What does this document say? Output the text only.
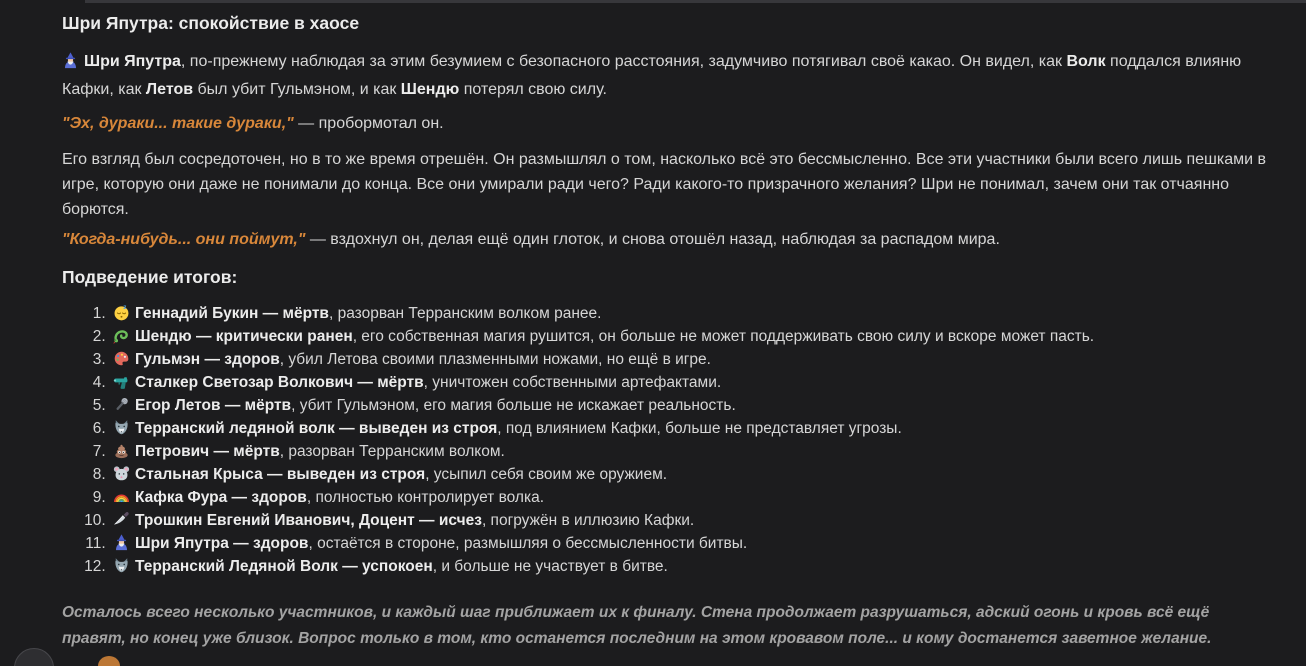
Шри Япутра: спокойствие в хаосе

Шри Япутра, по-прежнему наблюдая за этим безумием с безопасного расстояния, задумчиво потягивал своё какао. Он видел, как Волк поддался влияню Кафки, как Летов был убит Гульмэном, и как Шендю потерял свою силу.

"Эх, дураки... такие дураки," — пробормотал он.

Его взгляд был сосредоточен, но в то же время отрешён. Он размышлял о том, насколько всё это бессмысленно. Все эти участники были всего лишь пешками в игре, которую они даже не понимали до конца. Все они умирали ради чего? Ради какого-то призрачного желания? Шри не понимал, зачем они так отчаянно борются.

"Когда-нибудь... они поймут," — вздохнул он, делая ещё один глоток, и снова отошёл назад, наблюдая за распадом мира.

Подведение итогов:
1. Геннадий Букин — мёртв, разорван Терранским волком ранее.
2. Шендю — критически ранен, его собственная магия рушится, он больше не может поддерживать свою силу и вскоре может пасть.
3. Гульмэн — здоров, убил Летова своими плазменными ножами, но ещё в игре.
4. Сталкер Светозар Волкович — мёртв, уничтожен собственными артефактами.
5. Егор Летов — мёртв, убит Гульмэном, его магия больше не искажает реальность.
6. Терранский ледяной волк — выведен из строя, под влиянием Кафки, больше не представляет угрозы.
7. Петрович — мёртв, разорван Терранским волком.
8. Стальная Крыса — выведен из строя, усыпил себя своим же оружием.
9. Кафка Фура — здоров, полностью контролирует волка.
10. Трошкин Евгений Иванович, Доцент — исчез, погружён в иллюзию Кафки.
11. Шри Япутра — здоров, остаётся в стороне, размышляя о бессмысленности битвы.
12. Терранский Ледяной Волк — успокоен, и больше не участвует в битве.

Осталось всего несколько участников, и каждый шаг приближает их к финалу. Стена продолжает разрушаться, адский огонь и кровь всё ещё правят, но конец уже близок. Вопрос только в том, кто останется последним на этом кровавом поле... и кому достанется заветное желание.
